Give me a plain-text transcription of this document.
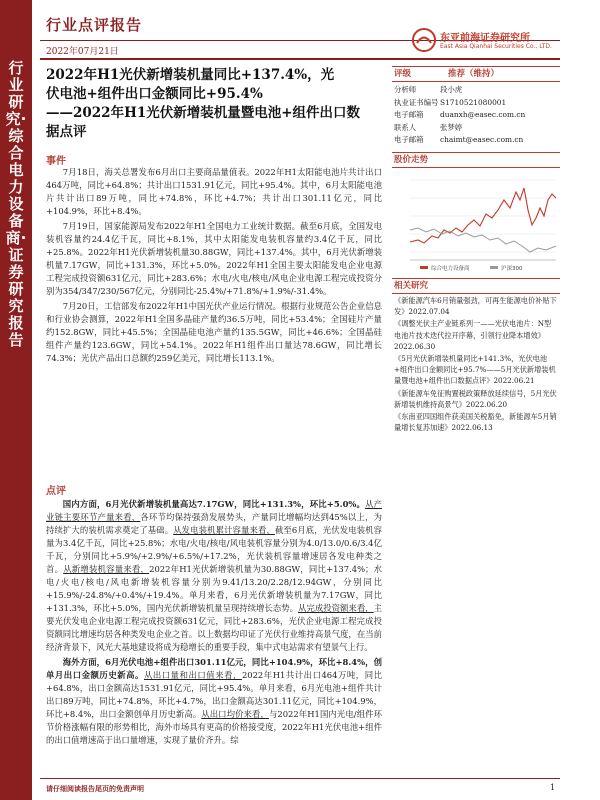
行业研究·综合电力设备商·证券研究报告
行业点评报告
2022年07月21日
东亚前海证券研究所
East Asia Qianhai Securities Co., LTD.
2022年H1光伏新增装机量同比+137.4%，光
伏电池+组件出口金额同比+95.4%
——2022年H1光伏新增装机量暨电池+组件出口数
据点评
评级	推荐（维持）
分析师	段小虎
执业证书编号 S1710521080001
电子邮箱 duanxh@easec.com.cn
联系人	张梦婷
电子邮箱 chaimt@easec.com.cn
股价走势
综合电力设备商	沪深300
相关研究
《新能源汽车6月销量强劲，可再生能源电价补贴下发》2022.07.04
《调整光伏主产业链系列一——光伏电池片：N型电池片技术迭代拉开序幕，引领行业降本增效》2022.06.30
《5月光伏新增装机量同比+141.3%，光伏电池+组件出口金额同比+95.7%——5月光伏新增装机量暨电池+组件出口数据点评》2022.06.21
《新能源车免征购置税政策释放延续信号，5月光伏新增装机维持高景气》2022.06.20
《东南亚四国组件获美国关税豁免，新能源车5月销量增长复苏加速》2022.06.13
事件
7月18日，海关总署发布6月出口主要商品量值表。2022年H1太阳能电池片共计出口464万吨，同比+64.8%；共计出口1531.91亿元，同比+95.4%。其中，6月太阳能电池片共计出口89万吨，同比+74.8%，环比+4.7%；共计出口301.11亿元，同比+104.9%，环比+8.4%。
7月19日，国家能源局发布2022年H1全国电力工业统计数据。截至6月底，全国发电装机容量约24.4亿千瓦，同比+8.1%，其中太阳能发电装机容量约3.4亿千瓦，同比+25.8%。2022年H1光伏新增装机量30.88GW，同比+137.4%。其中，6月光伏新增装机量7.17GW，同比+131.3%，环比+5.0%。2022年H1全国主要太阳能发电企业电源工程完成投资额631亿元，同比+283.6%；水电/火电/核电/风电企业电源工程完成投资分别为354/347/230/567亿元，分别同比-25.4%/+71.8%/+1.9%/-31.4%。
7月20日，工信部发布2022年H1中国光伏产业运行情况。根据行业规范公告企业信息和行业协会测算，2022年H1全国多晶硅产量约36.5万吨，同比+53.4%；全国硅片产量约152.8GW，同比+45.5%；全国晶硅电池产量约135.5GW，同比+46.6%；全国晶硅组件产量约123.6GW，同比+54.1%。2022年H1组件出口量达78.6GW，同比增长74.3%；光伏产品出口总额约259亿美元，同比增长113.1%。
点评
国内方面，6月光伏新增装机量高达7.17GW，同比+131.3%，环比+5.0%。从产业链主要环节产量来看，各环节均保持强劲发展势头，产量同比增幅均达到45%以上，为持续扩大的装机需求奠定了基础。从发电装机累计容量来看，截至6月底，光伏发电装机容量为3.4亿千瓦，同比+25.8%；水电/火电/核电/风电装机容量分别为4.0/13.0/0.6/3.4亿千瓦，分别同比+5.9%/+2.9%/+6.5%/+17.2%，光伏装机容量增速居各发电种类之首。从新增装机容量来看，2022年H1光伏新增装机量为30.88GW，同比+137.4%；水电/火电/核电/风电新增装机容量分别为9.41/13.20/2.28/12.94GW，分别同比+15.9%/-24.8%/+0.4%/+19.4%。单月来看，6月光伏新增装机量为7.17GW，同比+131.3%，环比+5.0%，国内光伏新增装机量呈现持续增长态势。从完成投资额来看，主要光伏发电企业电源工程完成投资额631亿元，同比+283.6%，光伏企业电源工程完成投资额同比增速均居各种类发电企业之首。以上数据均印证了光伏行业维持高景气度，在当前经济背景下，风光大基地建设将成为稳增长的重要手段，集中式电站需求有望景气上行。
海外方面，6月光伏电池+组件出口301.11亿元，同比+104.9%，环比+8.4%，创单月出口金额历史新高。从出口量和出口值来看，2022年H1共计出口464万吨，同比+64.8%，出口金额高达1531.91亿元，同比+95.4%。单月来看，6月光电池+组件共计出口89万吨，同比+74.8%，环比+4.7%，出口金额高达301.11亿元，同比+104.9%，环比+8.4%，出口金额创单月历史新高。从出口均价来看，与2022年H1国内光电/组件环节价格涨幅有限的形势相比，海外市场具有更高的价格接受度，2022年H1光伏电池+组件的出口值增速高于出口量增速，实现了量价齐升。综
请仔细阅读报告尾页的免责声明	1
